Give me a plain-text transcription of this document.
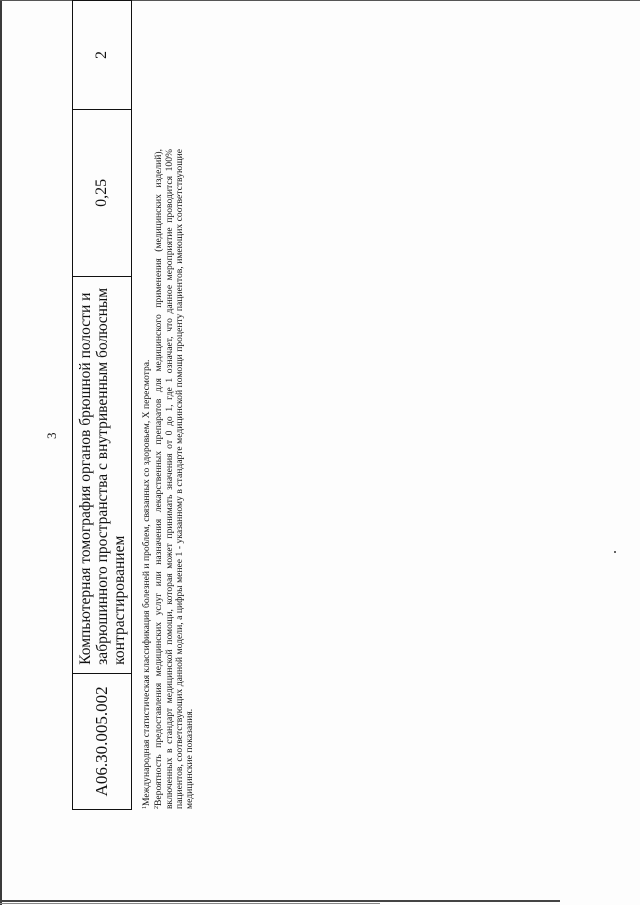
3
A06.30.005.002	Компьютерная томография органов брюшной полости и забрюшинного пространства с внутривенным болюсным контрастированием	0,25	2

$^1$Международная статистическая классификация болезней и проблем, связанных со здоровьем, X пересмотра.

$^2$Вероятность предоставления медицинских услуг или назначения лекарственных препаратов для медицинского применения (медицинских изделий), включенных в стандарт медицинской помощи, которая может принимать значения от 0 до 1, где 1 означает, что данное мероприятие проводится 100% пациентов, соответствующих данной модели, а цифры менее 1 - указанному в стандарте медицинской помощи проценту пациентов, имеющих соответствующие медицинские показания.
